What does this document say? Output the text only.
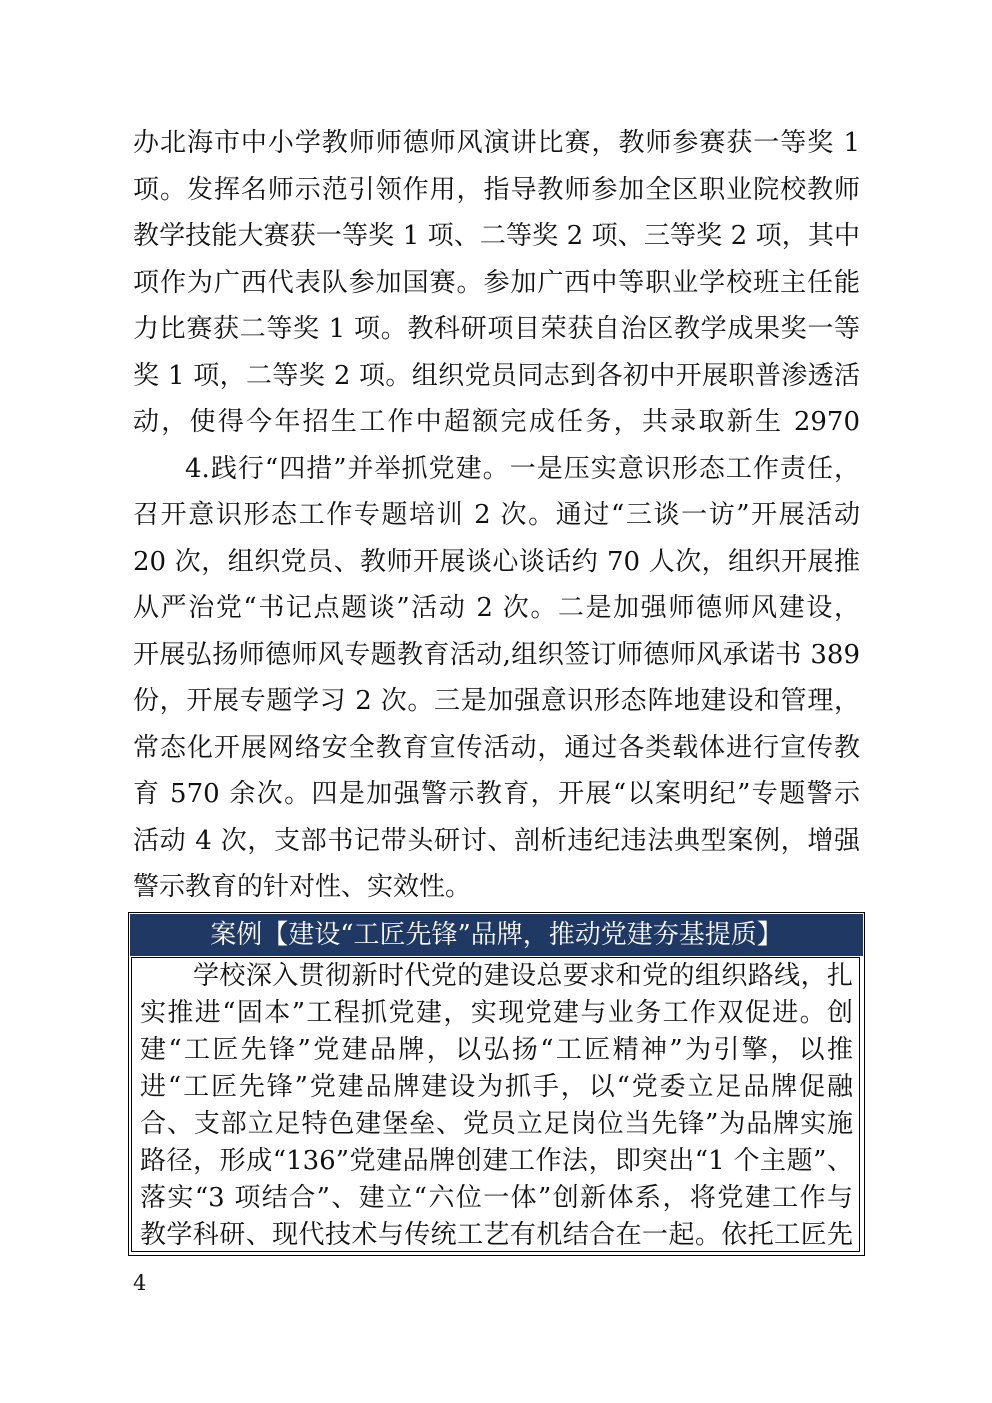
办北海市中小学教师师德师风演讲比赛，教师参赛获一等奖 1
项。发挥名师示范引领作用，指导教师参加全区职业院校教师
教学技能大赛获一等奖 1 项、二等奖 2 项、三等奖 2 项，其中
项作为广西代表队参加国赛。参加广西中等职业学校班主任能
力比赛获二等奖 1 项。教科研项目荣获自治区教学成果奖一等
奖 1 项，二等奖 2 项。组织党员同志到各初中开展职普渗透活
动，使得今年招生工作中超额完成任务，共录取新生 2970
4.践行“四措”并举抓党建。一是压实意识形态工作责任，
召开意识形态工作专题培训 2 次。通过“三谈一访”开展活动
20 次，组织党员、教师开展谈心谈话约 70 人次，组织开展推
从严治党“书记点题谈”活动 2 次。二是加强师德师风建设，
开展弘扬师德师风专题教育活动,组织签订师德师风承诺书 389
份，开展专题学习 2 次。三是加强意识形态阵地建设和管理，
常态化开展网络安全教育宣传活动，通过各类载体进行宣传教
育 570 余次。四是加强警示教育，开展“以案明纪”专题警示
活动 4 次，支部书记带头研讨、剖析违纪违法典型案例，增强
警示教育的针对性、实效性。
案例【建设“工匠先锋”品牌，推动党建夯基提质】
学校深入贯彻新时代党的建设总要求和党的组织路线，扎
实推进“固本”工程抓党建，实现党建与业务工作双促进。创
建“工匠先锋”党建品牌，以弘扬“工匠精神”为引擎，以推
进“工匠先锋”党建品牌建设为抓手，以“党委立足品牌促融
合、支部立足特色建堡垒、党员立足岗位当先锋”为品牌实施
路径，形成“136”党建品牌创建工作法，即突出“1 个主题”、
落实“3 项结合”、建立“六位一体”创新体系，将党建工作与
教学科研、现代技术与传统工艺有机结合在一起。依托工匠先
4
